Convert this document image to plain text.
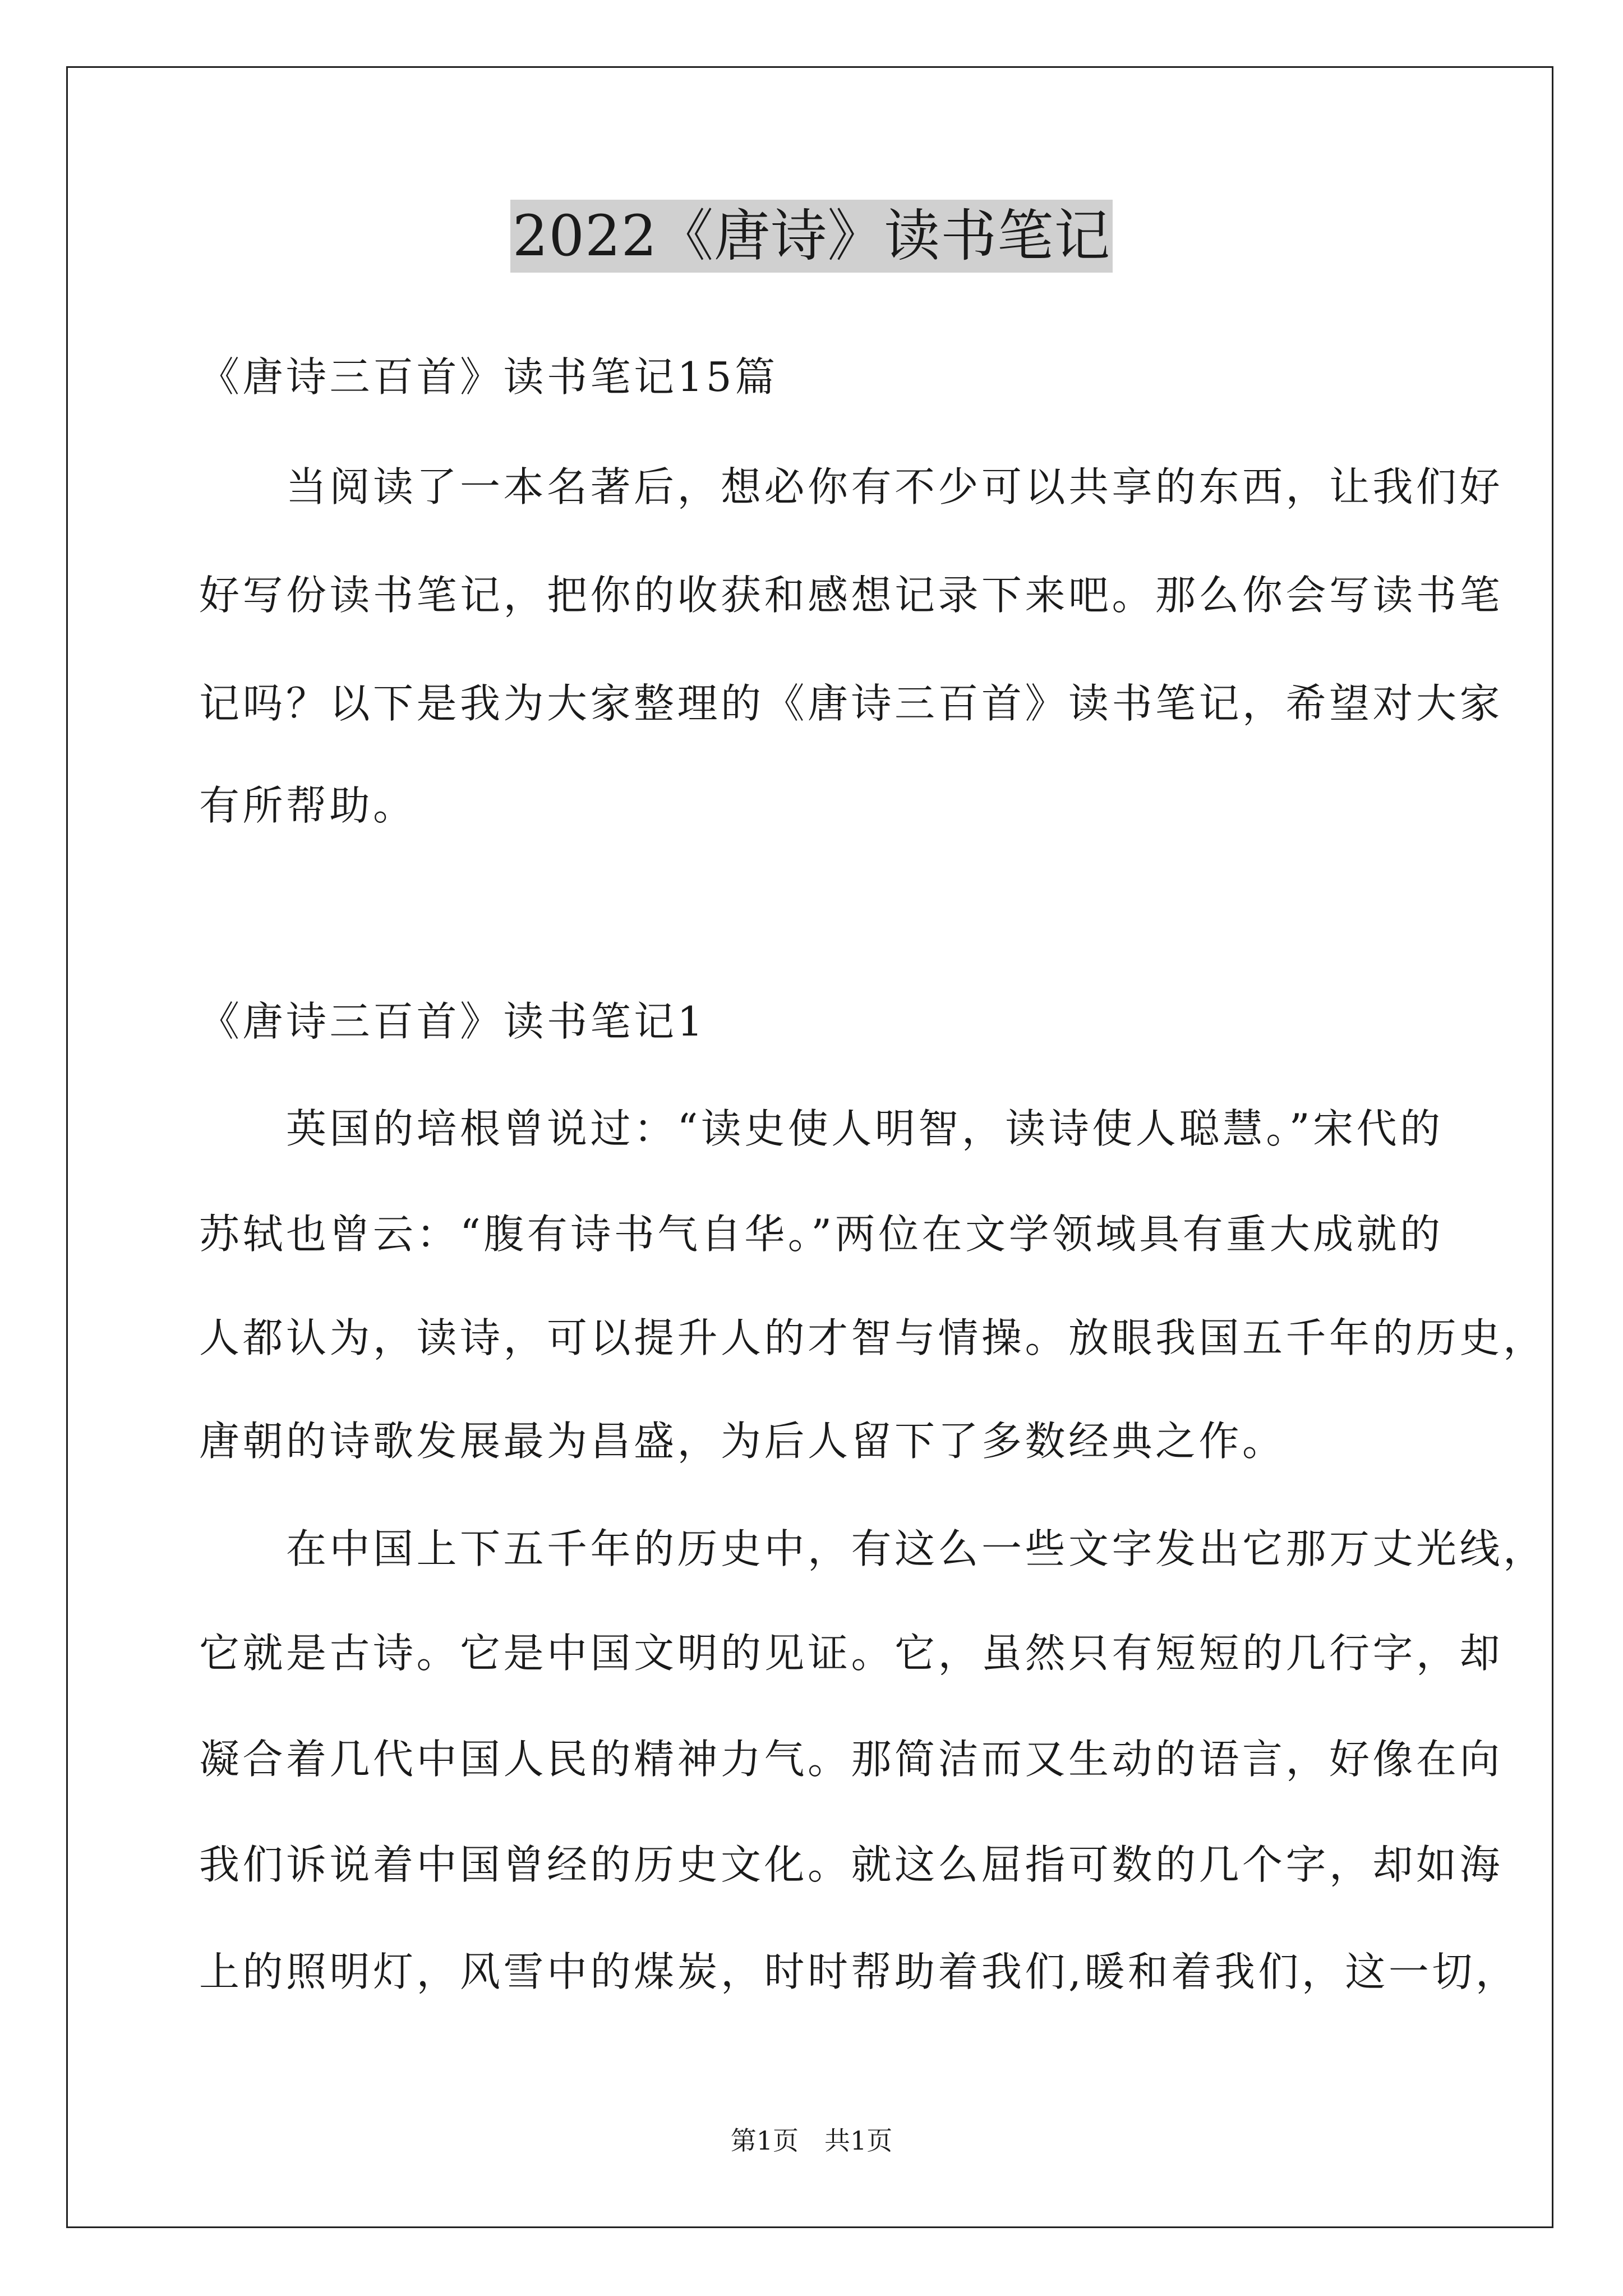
2022《唐诗》读书笔记
《唐诗三百首》读书笔记15篇
　　当阅读了一本名著后，想必你有不少可以共享的东西，让我们好
好写份读书笔记，把你的收获和感想记录下来吧。那么你会写读书笔
记吗？以下是我为大家整理的《唐诗三百首》读书笔记，希望对大家
有所帮助。
《唐诗三百首》读书笔记1
　　英国的培根曾说过：“读史使人明智，读诗使人聪慧。”宋代的
苏轼也曾云：“腹有诗书气自华。”两位在文学领域具有重大成就的
人都认为，读诗，可以提升人的才智与情操。放眼我国五千年的历史，
唐朝的诗歌发展最为昌盛，为后人留下了多数经典之作。
　　在中国上下五千年的历史中，有这么一些文字发出它那万丈光线，
它就是古诗。它是中国文明的见证。它，虽然只有短短的几行字，却
凝合着几代中国人民的精神力气。那简洁而又生动的语言，好像在向
我们诉说着中国曾经的历史文化。就这么屈指可数的几个字，却如海
上的照明灯，风雪中的煤炭，时时帮助着我们,暖和着我们，这一切，
第1页　共1页
